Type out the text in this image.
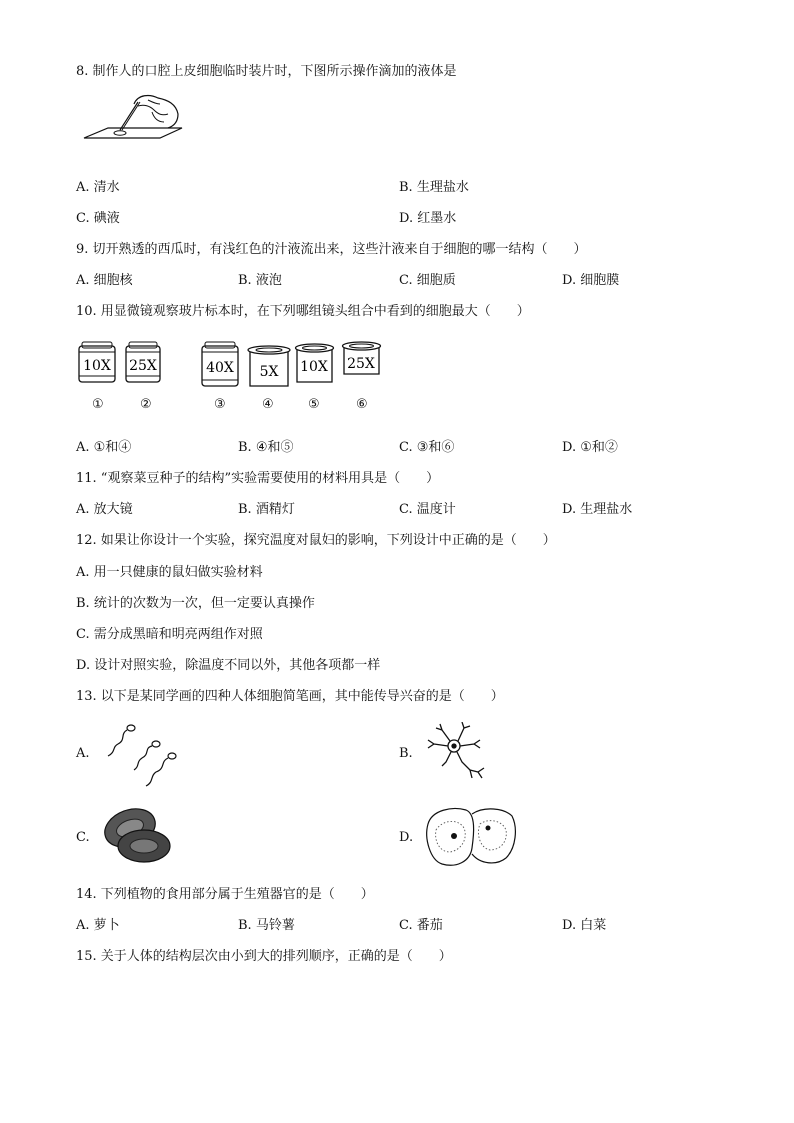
8. 制作人的口腔上皮细胞临时装片时，下图所示操作滴加的液体是
A. 清水	B. 生理盐水
C. 碘液	D. 红墨水
9. 切开熟透的西瓜时，有浅红色的汁液流出来，这些汁液来自于细胞的哪一结构（　　）
A. 细胞核	B. 液泡	C. 细胞质	D. 细胞膜
10. 用显微镜观察玻片标本时，在下列哪组镜头组合中看到的细胞最大（　　）
10X 25X	40X 5X 10X 25X
①	②	③	④	⑤	⑥
A. ①和④	B. ④和⑤	C. ③和⑥	D. ①和②
11. “观察菜豆种子的结构”实验需要使用的材料用具是（　　）
A. 放大镜	B. 酒精灯	C. 温度计	D. 生理盐水
12. 如果让你设计一个实验，探究温度对鼠妇的影响，下列设计中正确的是（　　）
A. 用一只健康的鼠妇做实验材料
B. 统计的次数为一次，但一定要认真操作
C. 需分成黑暗和明亮两组作对照
D. 设计对照实验，除温度不同以外，其他各项都一样
13. 以下是某同学画的四种人体细胞简笔画，其中能传导兴奋的是（　　）
A.	B.
C.	D.
14. 下列植物的食用部分属于生殖器官的是（　　）
A. 萝卜	B. 马铃薯	C. 番茄	D. 白菜
15. 关于人体的结构层次由小到大的排列顺序，正确的是（　　）
